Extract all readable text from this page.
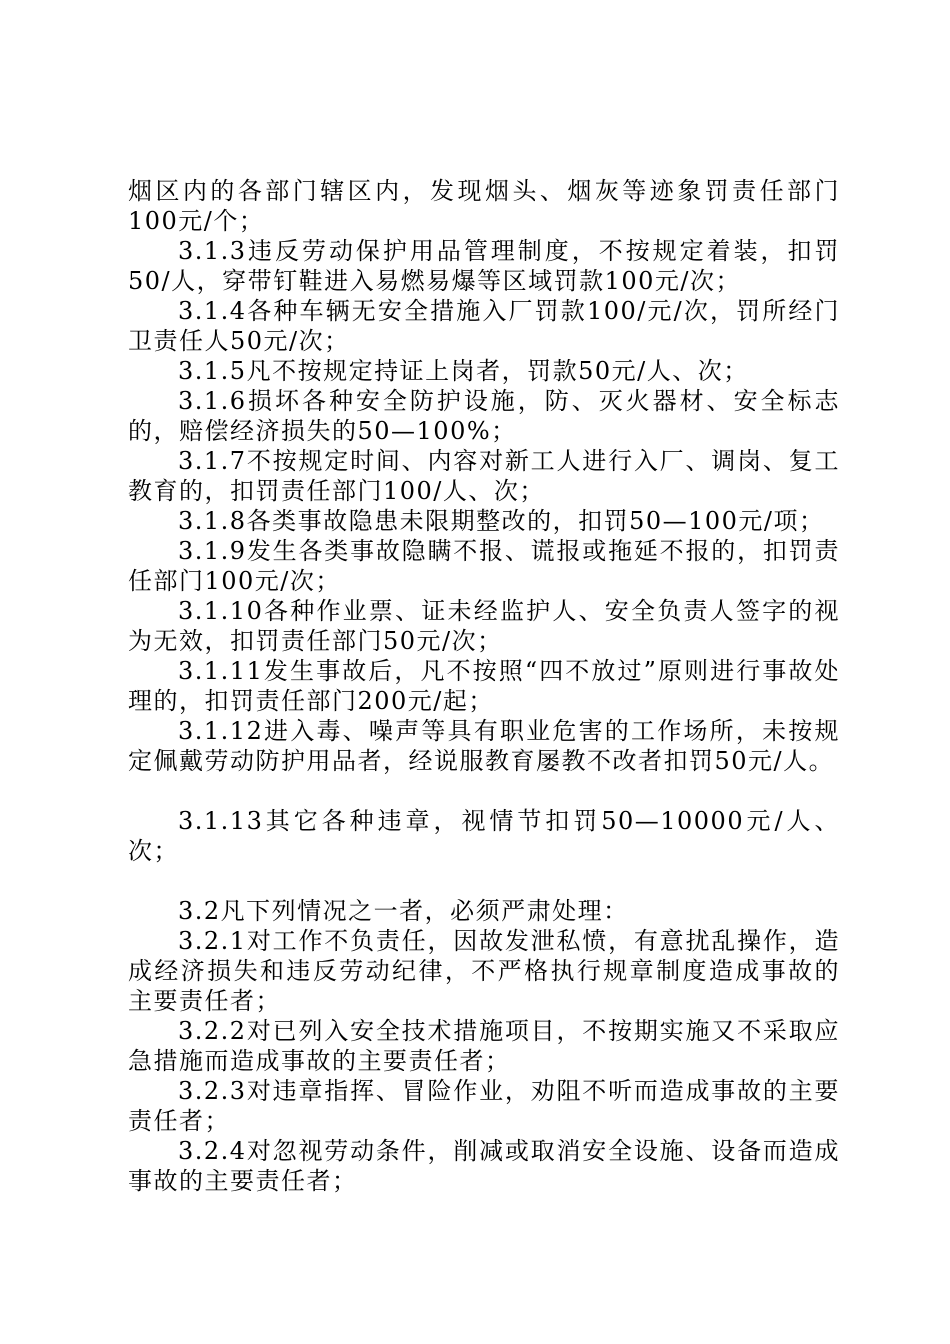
烟区内的各部门辖区内，发现烟头、烟灰等迹象罚责任部门100元/个；

3.1.3违反劳动保护用品管理制度，不按规定着装，扣罚50/人，穿带钉鞋进入易燃易爆等区域罚款100元/次；

3.1.4各种车辆无安全措施入厂罚款100/元/次，罚所经门卫责任人50元/次；

3.1.5凡不按规定持证上岗者，罚款50元/人、次；

3.1.6损坏各种安全防护设施，防、灭火器材、安全标志的，赔偿经济损失的50—100%；

3.1.7不按规定时间、内容对新工人进行入厂、调岗、复工教育的，扣罚责任部门100/人、次；

3.1.8各类事故隐患未限期整改的，扣罚50—100元/项；

3.1.9发生各类事故隐瞒不报、谎报或拖延不报的，扣罚责任部门100元/次；

3.1.10各种作业票、证未经监护人、安全负责人签字的视为无效，扣罚责任部门50元/次；

3.1.11发生事故后，凡不按照“四不放过”原则进行事故处理的，扣罚责任部门200元/起；

3.1.12进入毒、噪声等具有职业危害的工作场所，未按规定佩戴劳动防护用品者，经说服教育屡教不改者扣罚50元/人。

3.1.13其它各种违章，视情节扣罚50—10000元/人、次；

3.2凡下列情况之一者，必须严肃处理：

3.2.1对工作不负责任，因故发泄私愤，有意扰乱操作，造成经济损失和违反劳动纪律，不严格执行规章制度造成事故的主要责任者；

3.2.2对已列入安全技术措施项目，不按期实施又不采取应急措施而造成事故的主要责任者；

3.2.3对违章指挥、冒险作业，劝阻不听而造成事故的主要责任者；

3.2.4对忽视劳动条件，削减或取消安全设施、设备而造成事故的主要责任者；
